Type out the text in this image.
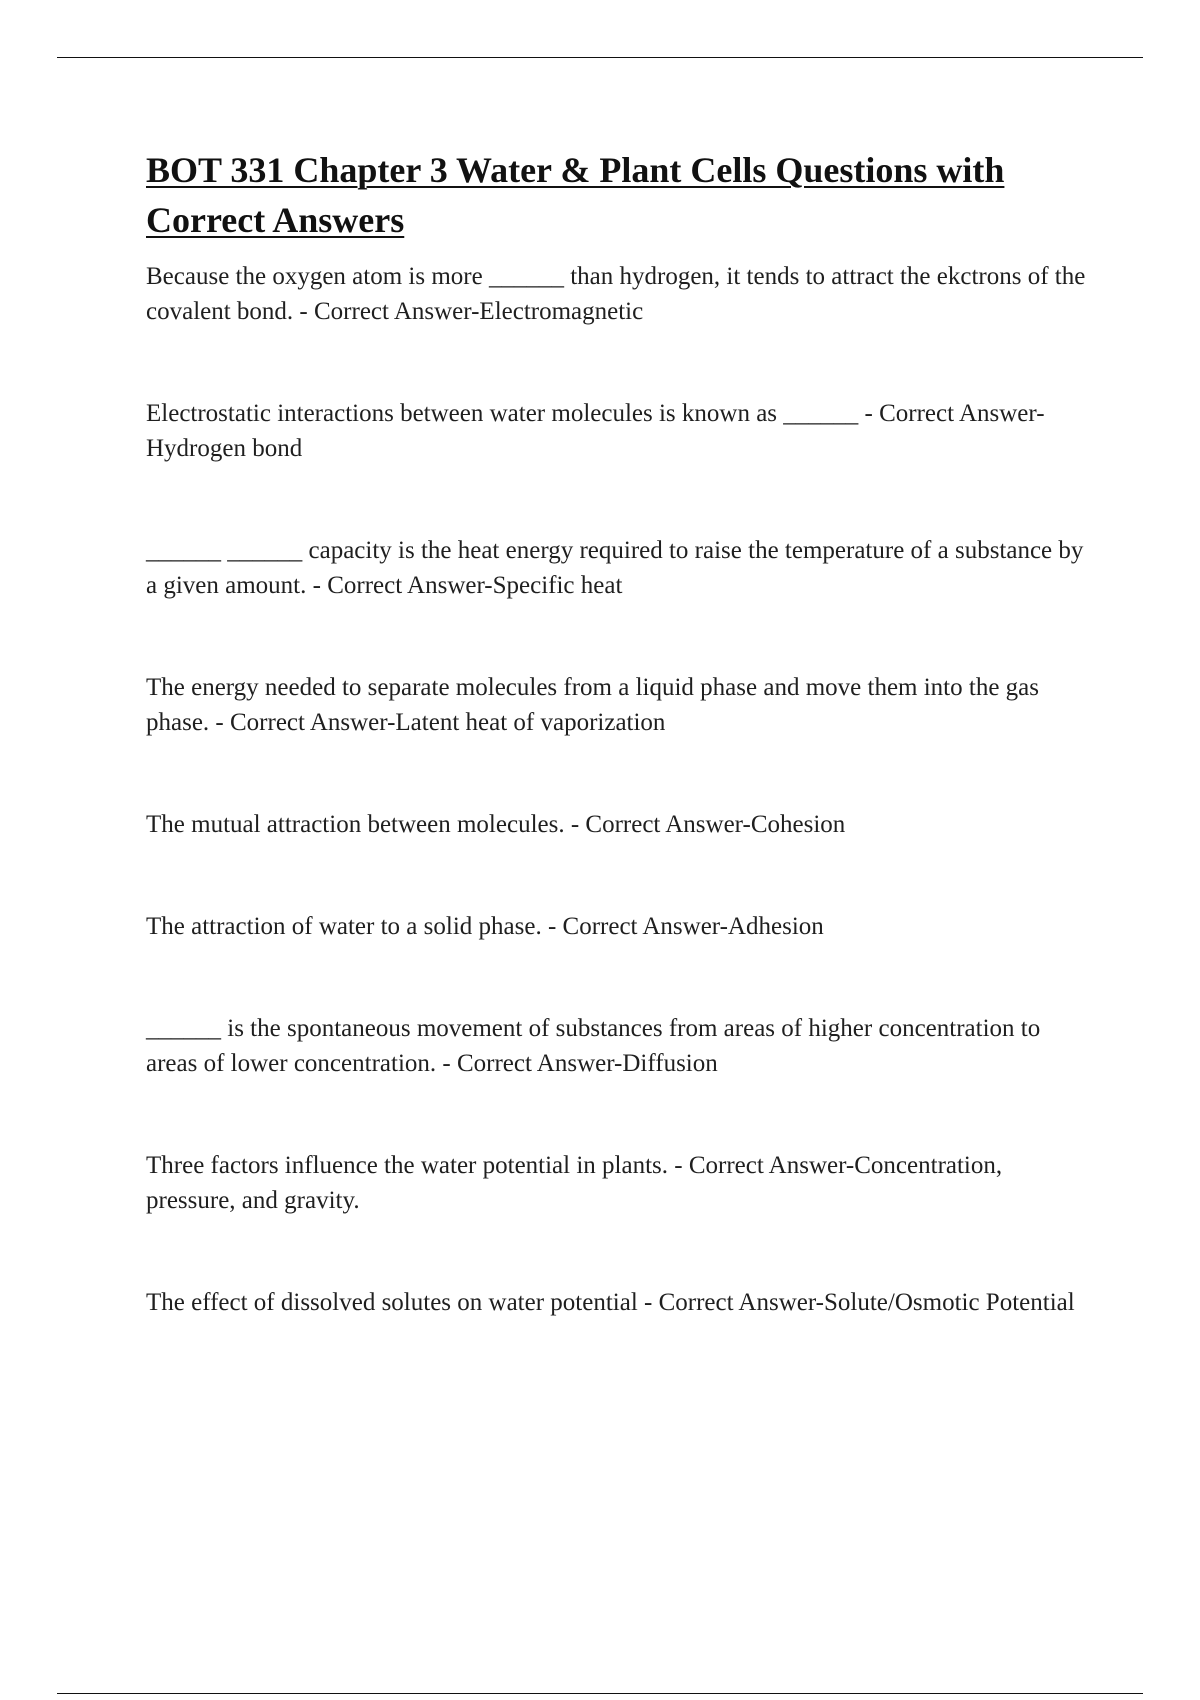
BOT 331 Chapter 3 Water & Plant Cells Questions with Correct Answers

Because the oxygen atom is more ______ than hydrogen, it tends to attract the ekctrons of the covalent bond. - Correct Answer-Electromagnetic

Electrostatic interactions between water molecules is known as ______ - Correct Answer-Hydrogen bond

______ ______ capacity is the heat energy required to raise the temperature of a substance by a given amount. - Correct Answer-Specific heat

The energy needed to separate molecules from a liquid phase and move them into the gas phase. - Correct Answer-Latent heat of vaporization

The mutual attraction between molecules. - Correct Answer-Cohesion

The attraction of water to a solid phase. - Correct Answer-Adhesion

______ is the spontaneous movement of substances from areas of higher concentration to areas of lower concentration. - Correct Answer-Diffusion

Three factors influence the water potential in plants. - Correct Answer-Concentration, pressure, and gravity.

The effect of dissolved solutes on water potential - Correct Answer-Solute/Osmotic Potential
